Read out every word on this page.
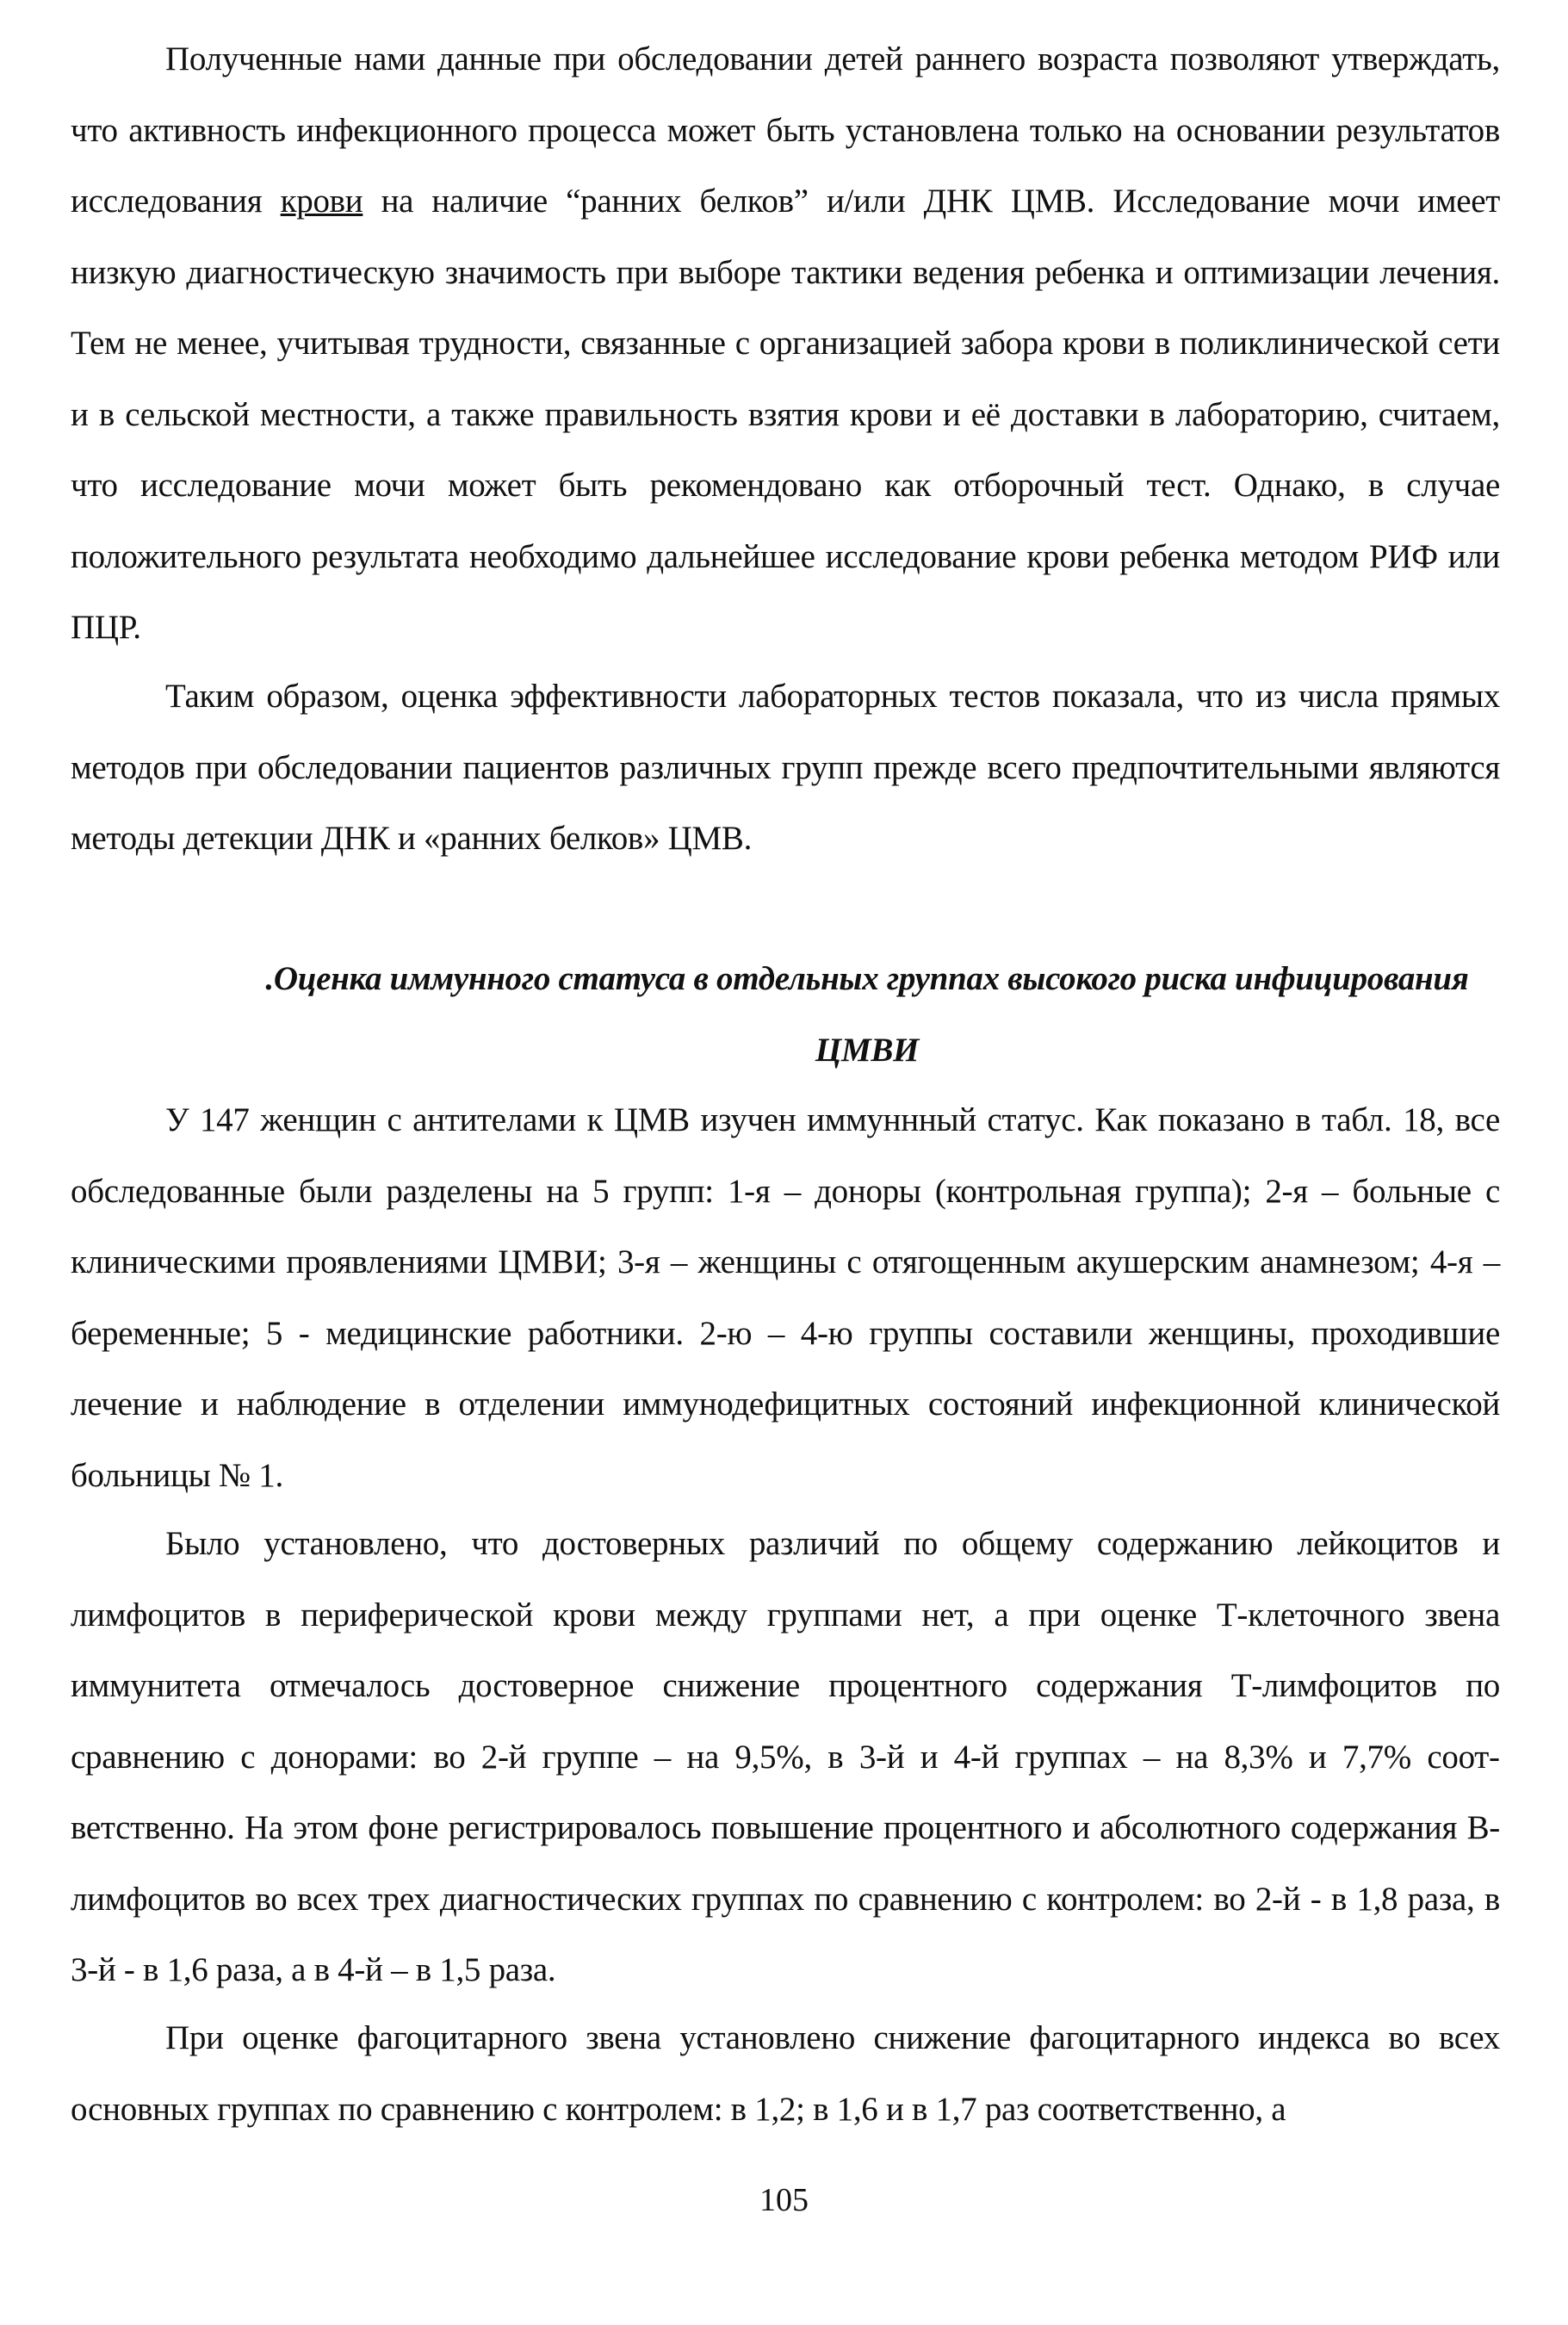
Полученные нами данные при обследовании детей раннего возраста позволяют утверждать, что активность инфекционного процесса может быть установлена только на основании результатов исследования крови на наличие “ранних белков” и/или ДНК ЦМВ. Исследование мочи имеет низкую диагностическую значимость при выборе тактики ведения ребенка и оптимизации лечения. Тем не менее, учитывая трудности, связанные с организацией забора крови в поликлинической сети и в сельской местности, а также правильность взятия крови и её доставки в лабораторию, считаем, что исследование мочи может быть рекомендовано как отборочный тест. Однако, в случае положительного результата необходимо дальнейшее исследование крови ребенка методом РИФ или ПЦР.

Таким образом, оценка эффективности лабораторных тестов показала, что из числа прямых методов при обследовании пациентов различных групп прежде всего предпочтительными являются методы детекции ДНК и «ранних белков» ЦМВ.

.Оценка иммунного статуса в отдельных группах высокого риска инфицирования
ЦМВИ

У 147 женщин с антителами к ЦМВ изучен иммуннный статус. Как показано в табл. 18, все обследованные были разделены на 5 групп: 1-я – доноры (контрольная группа); 2-я – больные с клиническими проявлениями ЦМВИ; 3-я – женщины с отягощенным акушерским анамнезом; 4-я – беременные; 5 - медицинские работники. 2-ю – 4-ю группы составили женщины, проходившие лечение и наблюдение в отделении иммунодефицитных состояний инфекционной клинической больницы № 1.

Было установлено, что достоверных различий по общему содержанию лейкоцитов и лимфоцитов в периферической крови между группами нет, а при оценке Т-клеточного звена иммунитета отмечалось достоверное снижение процентного содержания Т-лимфоцитов по сравнению с донорами: во 2-й группе – на 9,5%, в 3-й и 4-й группах – на 8,3% и 7,7% соответственно. На этом фоне регистрировалось повышение процентного и абсолютного содержания В-лимфоцитов во всех трех диагностических группах по сравнению с контролем: во 2-й - в 1,8 раза, в 3-й - в 1,6 раза, а в 4-й – в 1,5 раза.

При оценке фагоцитарного звена установлено снижение фагоцитарного индекса во всех основных группах по сравнению с контролем: в 1,2; в 1,6 и в 1,7 раз соответственно, а

105
